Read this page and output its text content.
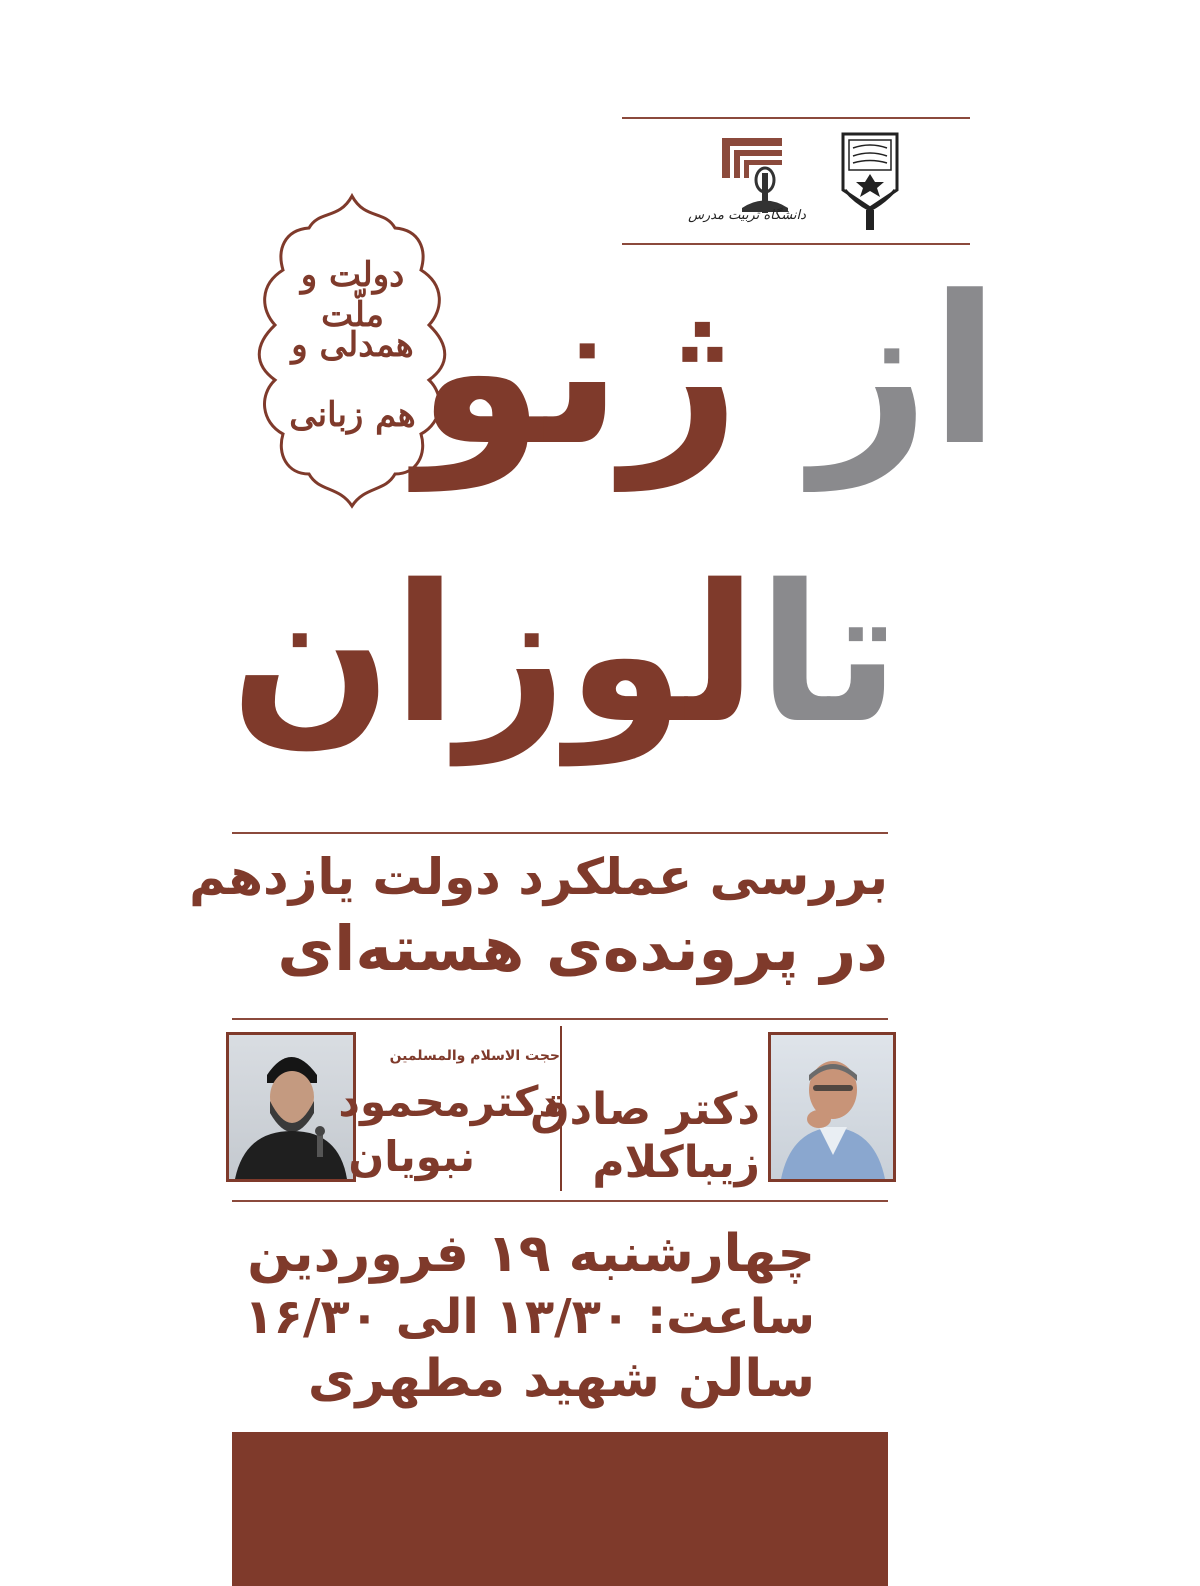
دانشگاه تربیت مدرس
دولت و ملّت
همدلی و
هم زبانی	از ژنو
تالوزان
بررسی عملکرد دولت یازدهم
در پرونده‌ی هسته‌ای
دکتر صادق
زیباکلام
حجت الاسلام والمسلمین
دکترمحمود
نبویان
چهارشنبه ۱۹ فروردین
ساعت: ۱۳/۳۰ الی ۱۶/۳۰
سالن شهید مطهری
